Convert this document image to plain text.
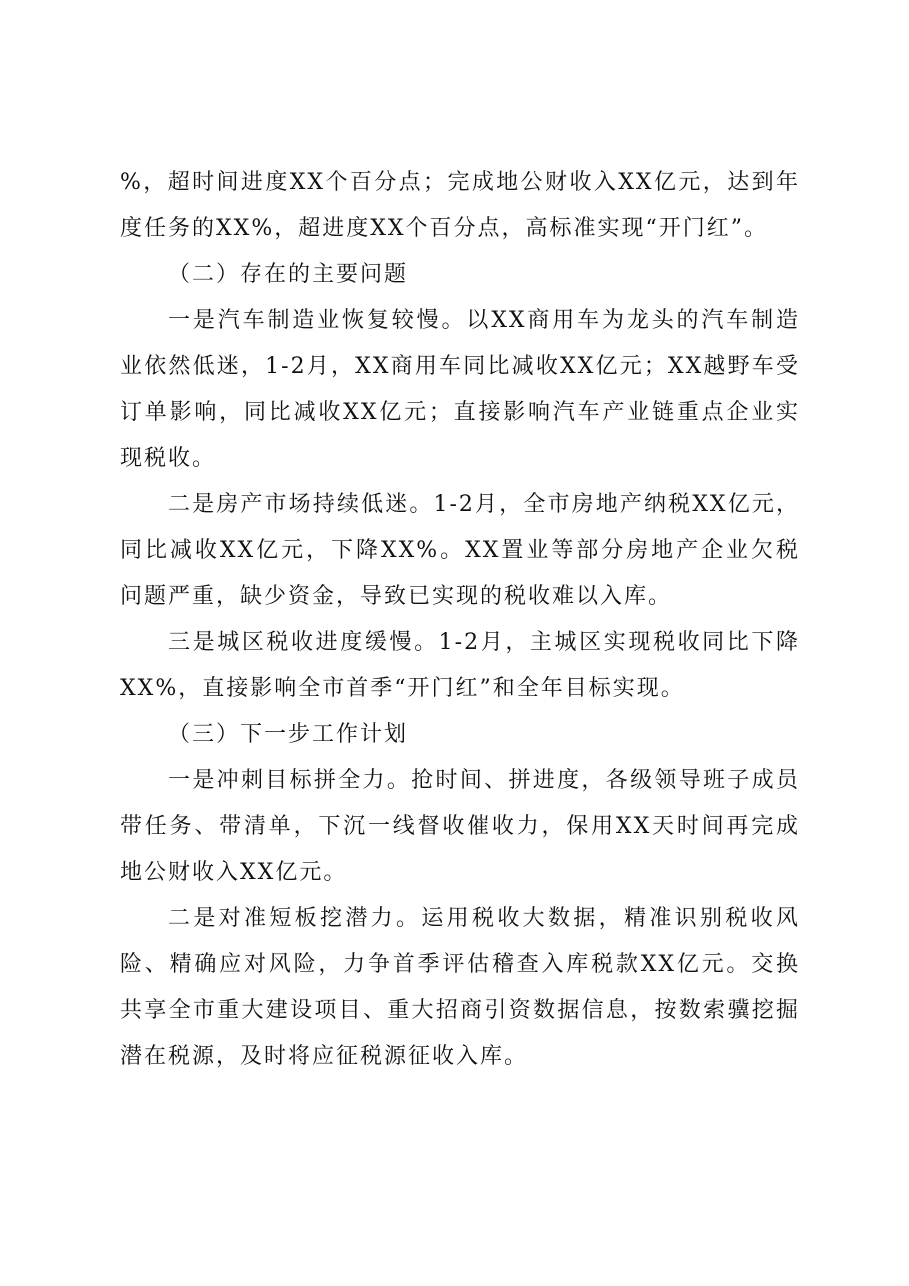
%，超时间进度XX个百分点；完成地公财收入XX亿元，达到年度任务的XX%，超进度XX个百分点，高标准实现“开门红”。

（二）存在的主要问题

一是汽车制造业恢复较慢。以XX商用车为龙头的汽车制造业依然低迷，1-2月，XX商用车同比减收XX亿元；XX越野车受订单影响，同比减收XX亿元；直接影响汽车产业链重点企业实现税收。

二是房产市场持续低迷。1-2月，全市房地产纳税XX亿元，同比减收XX亿元，下降XX%。XX置业等部分房地产企业欠税问题严重，缺少资金，导致已实现的税收难以入库。

三是城区税收进度缓慢。1-2月，主城区实现税收同比下降XX%，直接影响全市首季“开门红”和全年目标实现。

（三）下一步工作计划

一是冲刺目标拼全力。抢时间、拼进度，各级领导班子成员带任务、带清单，下沉一线督收催收力，保用XX天时间再完成地公财收入XX亿元。

二是对准短板挖潜力。运用税收大数据，精准识别税收风险、精确应对风险，力争首季评估稽查入库税款XX亿元。交换共享全市重大建设项目、重大招商引资数据信息，按数索骥挖掘潜在税源，及时将应征税源征收入库。
